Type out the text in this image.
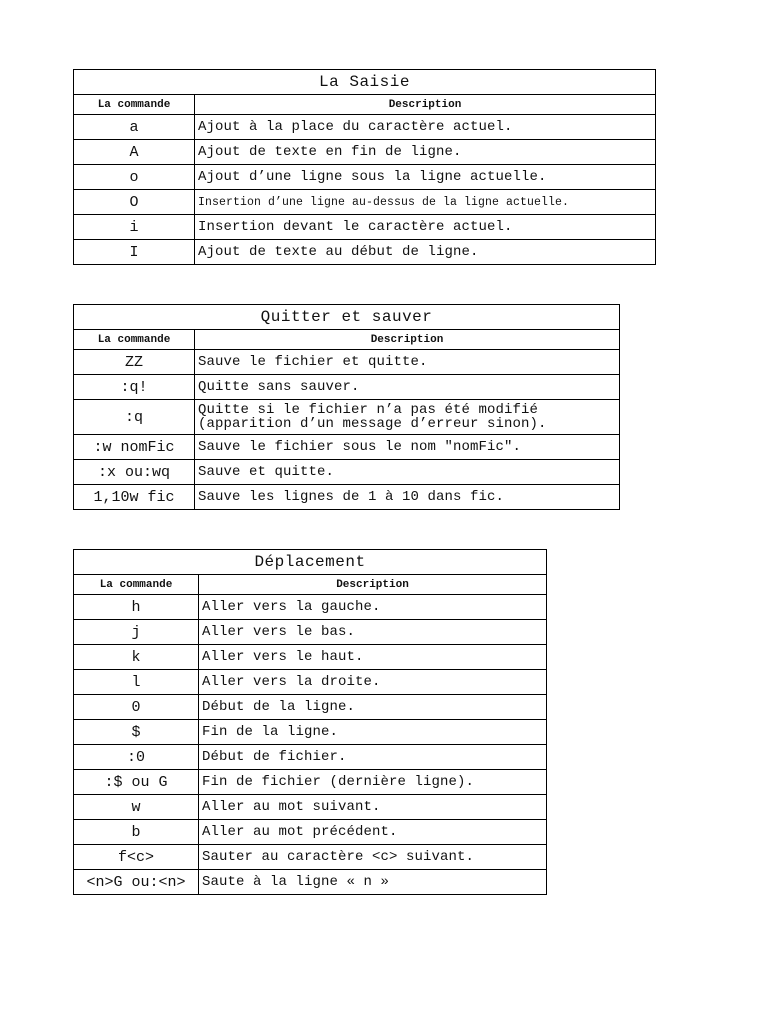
La Saisie	
La commande	Description
a	Ajout à la place du caractère actuel.
A	Ajout de texte en fin de ligne.
o	Ajout d’une ligne sous la ligne actuelle.
O	Insertion d’une ligne au-dessus de la ligne actuelle.
i	Insertion devant le caractère actuel.
I	Ajout de texte au début de ligne.
Quitter et sauver	
La commande	Description
ZZ	Sauve le fichier et quitte.
:q!	Quitte sans sauver.
:q	Quitte si le fichier n’a pas été modifié (apparition d’un message d’erreur sinon).
:w nomFic	Sauve le fichier sous le nom "nomFic".
:x ou:wq	Sauve et quitte.
1,10w fic	Sauve les lignes de 1 à 10 dans fic.
Déplacement	
La commande	Description
h	Aller vers la gauche.
j	Aller vers le bas.
k	Aller vers le haut.
l	Aller vers la droite.
0	Début de la ligne.
$	Fin de la ligne.
:0	Début de fichier.
:$ ou G	Fin de fichier (dernière ligne).
w	Aller au mot suivant.
b	Aller au mot précédent.
f<c>	Sauter au caractère <c> suivant.
<n>G ou:<n>	Saute à la ligne « n »
